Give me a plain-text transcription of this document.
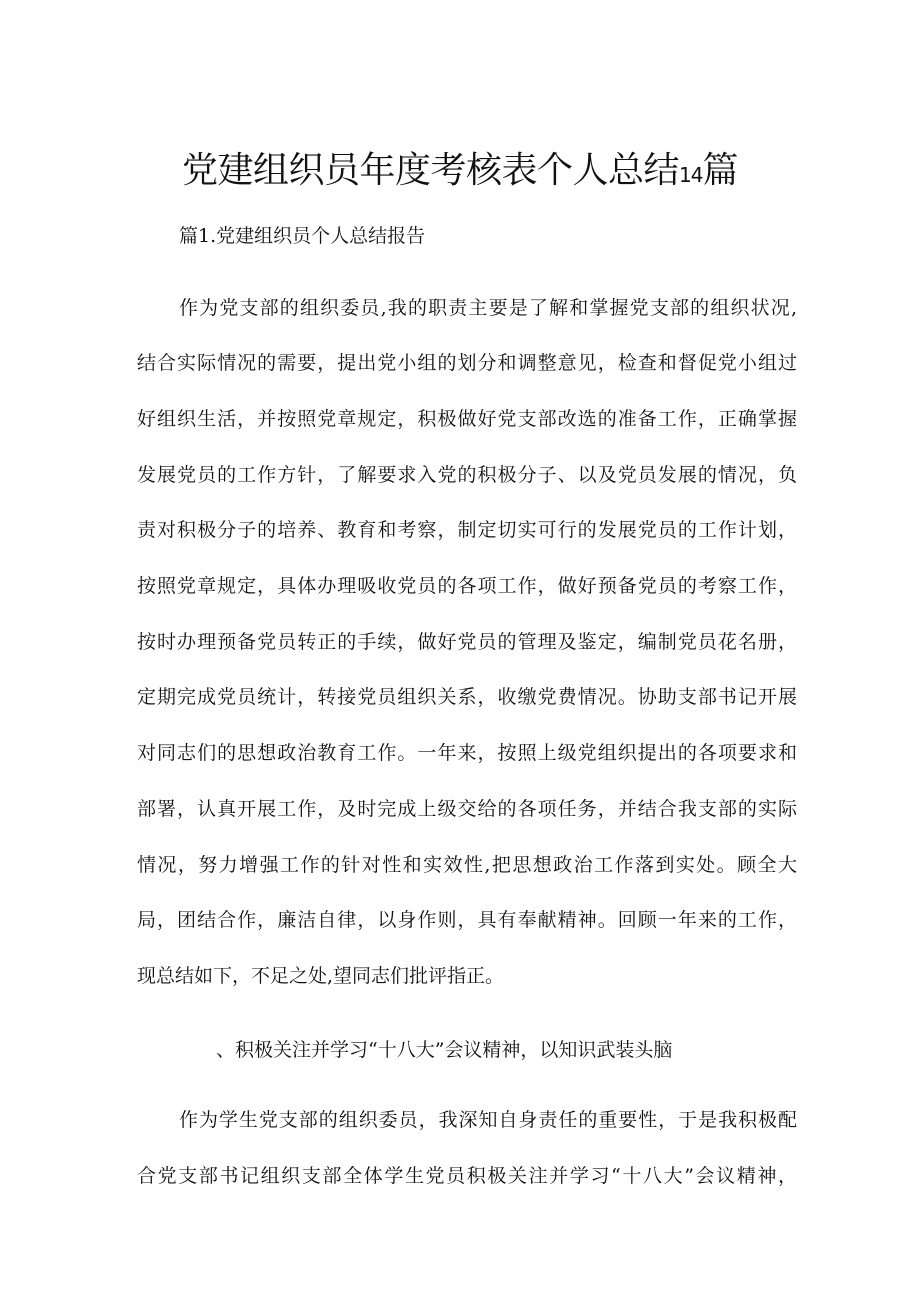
党建组织员年度考核表个人总结14篇
篇1.党建组织员个人总结报告
作为党支部的组织委员,我的职责主要是了解和掌握党支部的组织状况,
结合实际情况的需要，提出党小组的划分和调整意见，检查和督促党小组过
好组织生活，并按照党章规定，积极做好党支部改选的准备工作，正确掌握
发展党员的工作方针，了解要求入党的积极分子、以及党员发展的情况，负
责对积极分子的培养、教育和考察，制定切实可行的发展党员的工作计划，
按照党章规定，具体办理吸收党员的各项工作，做好预备党员的考察工作，
按时办理预备党员转正的手续，做好党员的管理及鉴定，编制党员花名册，
定期完成党员统计，转接党员组织关系，收缴党费情况。协助支部书记开展
对同志们的思想政治教育工作。一年来，按照上级党组织提出的各项要求和
部署，认真开展工作，及时完成上级交给的各项任务，并结合我支部的实际
情况，努力增强工作的针对性和实效性,把思想政治工作落到实处。顾全大
局，团结合作，廉洁自律，以身作则，具有奉献精神。回顾一年来的工作，
现总结如下，不足之处,望同志们批评指正。
、积极关注并学习“十八大”会议精神，以知识武装头脑
作为学生党支部的组织委员，我深知自身责任的重要性，于是我积极配
合党支部书记组织支部全体学生党员积极关注并学习“十八大”会议精神，
